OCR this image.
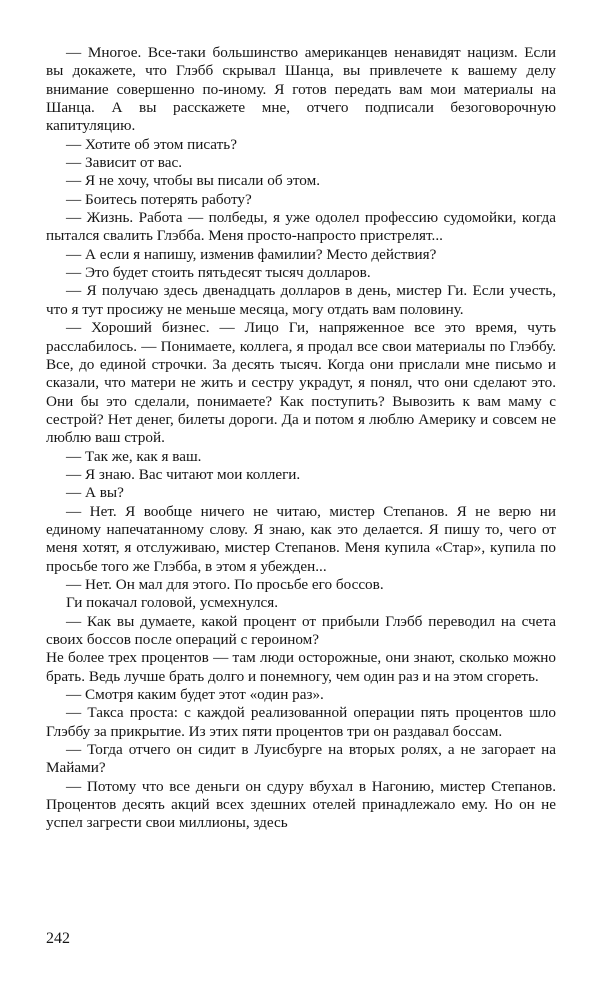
— Многое. Все-таки большинство американцев ненавидят нацизм. Если вы докажете, что Глэбб скрывал Шанца, вы привлечете к вашему делу внимание совершенно по-иному. Я готов передать вам мои материалы на Шанца. А вы расскажете мне, отчего подписали безоговорочную капитуляцию.

— Хотите об этом писать?

— Зависит от вас.

— Я не хочу, чтобы вы писали об этом.

— Боитесь потерять работу?

— Жизнь. Работа — полбеды, я уже одолел профессию судомойки, когда пытался свалить Глэбба. Меня просто-напросто пристрелят...

— А если я напишу, изменив фамилии? Место действия?

— Это будет стоить пятьдесят тысяч долларов.

— Я получаю здесь двенадцать долларов в день, мистер Ги. Если учесть, что я тут просижу не меньше месяца, могу отдать вам половину.

— Хороший бизнес. — Лицо Ги, напряженное все это время, чуть расслабилось. — Понимаете, коллега, я продал все свои материалы по Глэббу. Все, до единой строчки. За десять тысяч. Когда они прислали мне письмо и сказали, что матери не жить и сестру украдут, я понял, что они сделают это. Они бы это сделали, понимаете? Как поступить? Вывозить к вам маму с сестрой? Нет денег, билеты дороги. Да и потом я люблю Америку и совсем не люблю ваш строй.

— Так же, как я ваш.

— Я знаю. Вас читают мои коллеги.

— А вы?

— Нет. Я вообще ничего не читаю, мистер Степанов. Я не верю ни единому напечатанному слову. Я знаю, как это делается. Я пишу то, чего от меня хотят, я отслуживаю, мистер Степанов. Меня купила «Стар», купила по просьбе того же Глэбба, в этом я убежден...

— Нет. Он мал для этого. По просьбе его боссов.

Ги покачал головой, усмехнулся.

— Как вы думаете, какой процент от прибыли Глэбб переводил на счета своих боссов после операций с героином?

Не более трех процентов — там люди осторожные, они знают, сколько можно брать. Ведь лучше брать долго и понемногу, чем один раз и на этом сгореть.

— Смотря каким будет этот «один раз».

— Такса проста: с каждой реализованной операции пять процентов шло Глэббу за прикрытие. Из этих пяти процентов три он раздавал боссам.

— Тогда отчего он сидит в Луисбурге на вторых ролях, а не загорает на Майами?

— Потому что все деньги он сдуру вбухал в Нагонию, мистер Степанов. Процентов десять акций всех здешних отелей принадлежало ему. Но он не успел загрести свои миллионы, здесь

242
